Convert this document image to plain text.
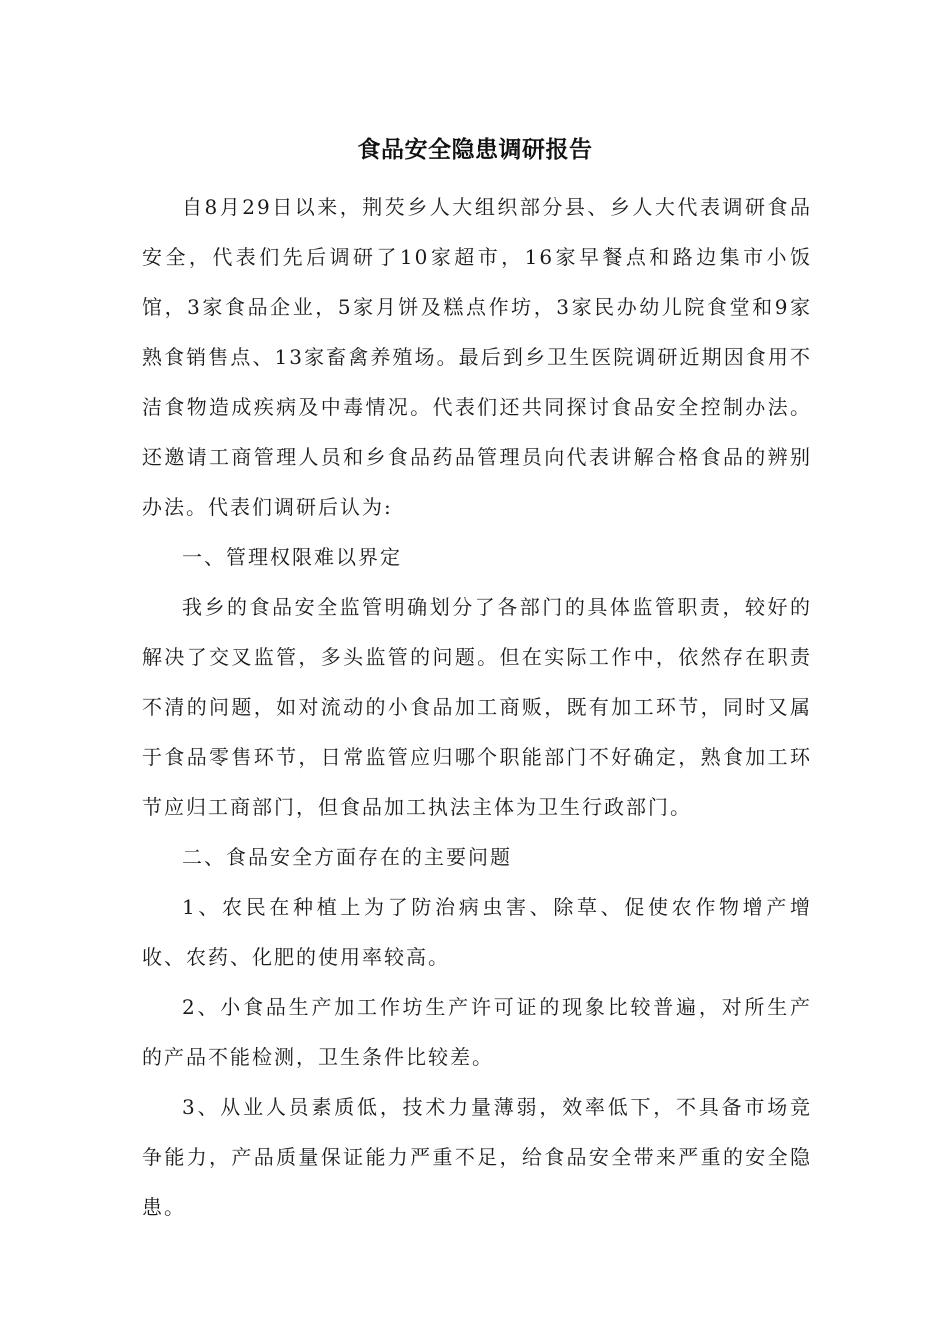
食品安全隐患调研报告

自8月29日以来，荆芡乡人大组织部分县、乡人大代表调研食品安全，代表们先后调研了10家超市，16家早餐点和路边集市小饭馆，3家食品企业，5家月饼及糕点作坊，3家民办幼儿院食堂和9家熟食销售点、13家畜禽养殖场。最后到乡卫生医院调研近期因食用不洁食物造成疾病及中毒情况。代表们还共同探讨食品安全控制办法。还邀请工商管理人员和乡食品药品管理员向代表讲解合格食品的辨别办法。代表们调研后认为:

一、管理权限难以界定

我乡的食品安全监管明确划分了各部门的具体监管职责，较好的解决了交叉监管，多头监管的问题。但在实际工作中，依然存在职责不清的问题，如对流动的小食品加工商贩，既有加工环节，同时又属于食品零售环节，日常监管应归哪个职能部门不好确定，熟食加工环节应归工商部门，但食品加工执法主体为卫生行政部门。

二、食品安全方面存在的主要问题

1、农民在种植上为了防治病虫害、除草、促使农作物增产增收、农药、化肥的使用率较高。

2、小食品生产加工作坊生产许可证的现象比较普遍，对所生产的产品不能检测，卫生条件比较差。

3、从业人员素质低，技术力量薄弱，效率低下，不具备市场竞争能力，产品质量保证能力严重不足，给食品安全带来严重的安全隐患。
